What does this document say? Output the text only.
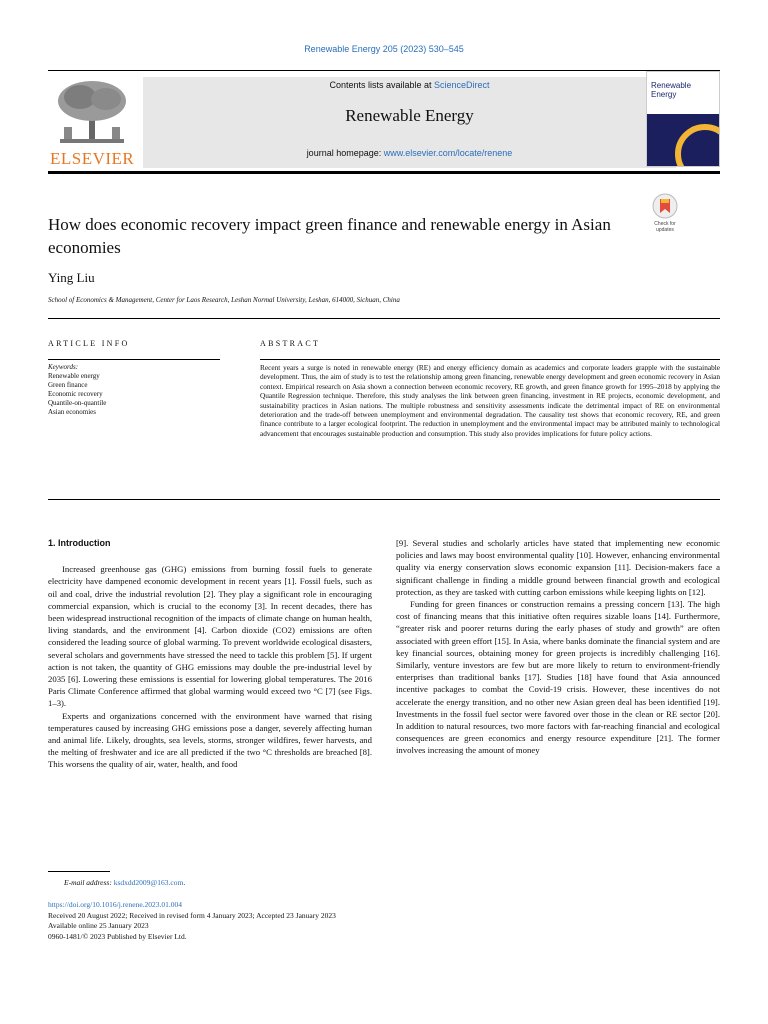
Renewable Energy 205 (2023) 530–545
ELSEVIER
Contents lists available at ScienceDirect
Renewable Energy
journal homepage: www.elsevier.com/locate/renene
Renewable Energy
How does economic recovery impact green finance and renewable energy in Asian economies
Check for updates
Ying Liu
School of Economics & Management, Center for Laos Research, Leshan Normal University, Leshan, 614000, Sichuan, China
ARTICLE INFO
Keywords:
Renewable energy
Green finance
Economic recovery
Quantile-on-quantile
Asian economies
ABSTRACT
Recent years a surge is noted in renewable energy (RE) and energy efficiency domain as academics and corporate leaders grapple with the sustainable development. Thus, the aim of study is to test the relationship among green financing, renewable energy development and green economic recovery in Asian context. Empirical research on Asia shown a connection between economic recovery, RE growth, and green finance growth for 1995–2018 by applying the Quantile Regression technique. Therefore, this study analyses the link between green financing, investment in RE projects, economic development, and sustainability practices in Asian nations. The multiple robustness and sensitivity assessments indicate the detrimental impact of RE on environmental deterioration and the trade-off between unemployment and environmental degradation. The causality test shows that economic recovery, RE, and green finance contribute to a larger ecological footprint. The reduction in unemployment and the environmental impact may be attributed mainly to technological advancement that encourages sustainable production and consumption. This study also provides implications for future policy actions.
1. Introduction

Increased greenhouse gas (GHG) emissions from burning fossil fuels to generate electricity have dampened economic development in recent years [1]. Fossil fuels, such as oil and coal, drive the industrial revolution [2]. They play a significant role in encouraging commercial expansion, which is crucial to the economy [3]. In recent decades, there has been widespread instructional recognition of the impacts of climate change on human health, living standards, and the environment [4]. Carbon dioxide (CO2) emissions are often considered the leading source of global warming. To prevent worldwide ecological disasters, several scholars and governments have stressed the need to tackle this problem [5]. If urgent action is not taken, the quantity of GHG emissions may double the pre-industrial level by 2035 [6]. Lowering these emissions is essential for lowering global temperatures. The 2016 Paris Climate Conference affirmed that global warming would exceed two °C [7] (see Figs. 1–3).

Experts and organizations concerned with the environment have warned that rising temperatures caused by increasing GHG emissions pose a danger, severely affecting human and animal life. Likely, droughts, sea levels, storms, stronger wildfires, fewer harvests, and the melting of freshwater and ice are all predicted if the two °C thresholds are breached [8]. This worsens the quality of air, water, health, and food

[9]. Several studies and scholarly articles have stated that implementing new economic policies and laws may boost environmental quality [10]. However, enhancing environmental quality via energy conservation slows economic expansion [11]. Decision-makers face a significant challenge in finding a middle ground between financial growth and ecological protection, as they are tasked with cutting carbon emissions while keeping lights on [12].

Funding for green finances or construction remains a pressing concern [13]. The high cost of financing means that this initiative often requires sizable loans [14]. Furthermore, “greater risk and poorer returns during the early phases of study and growth” are often associated with green effort [15]. In Asia, where banks dominate the financial system and are key financial sources, obtaining money for green projects is incredibly challenging [16]. Similarly, venture investors are few but are more likely to return to environment-friendly enterprises than traditional banks [17]. Studies [18] have found that Asia announced incentive packages to combat the Covid-19 crisis. However, these incentives do not accelerate the energy transition, and no other new Asian green deal has been identified [19]. Investments in the fossil fuel sector were favored over those in the clean or RE sector [20]. In addition to natural resources, two more factors with far-reaching financial and ecological consequences are green economics and energy resource expenditure [21]. The former involves increasing the amount of money

E-mail address: ksdxdd2009@163.com.
https://doi.org/10.1016/j.renene.2023.01.004
Received 20 August 2022; Received in revised form 4 January 2023; Accepted 23 January 2023
Available online 25 January 2023
0960-1481/© 2023 Published by Elsevier Ltd.
